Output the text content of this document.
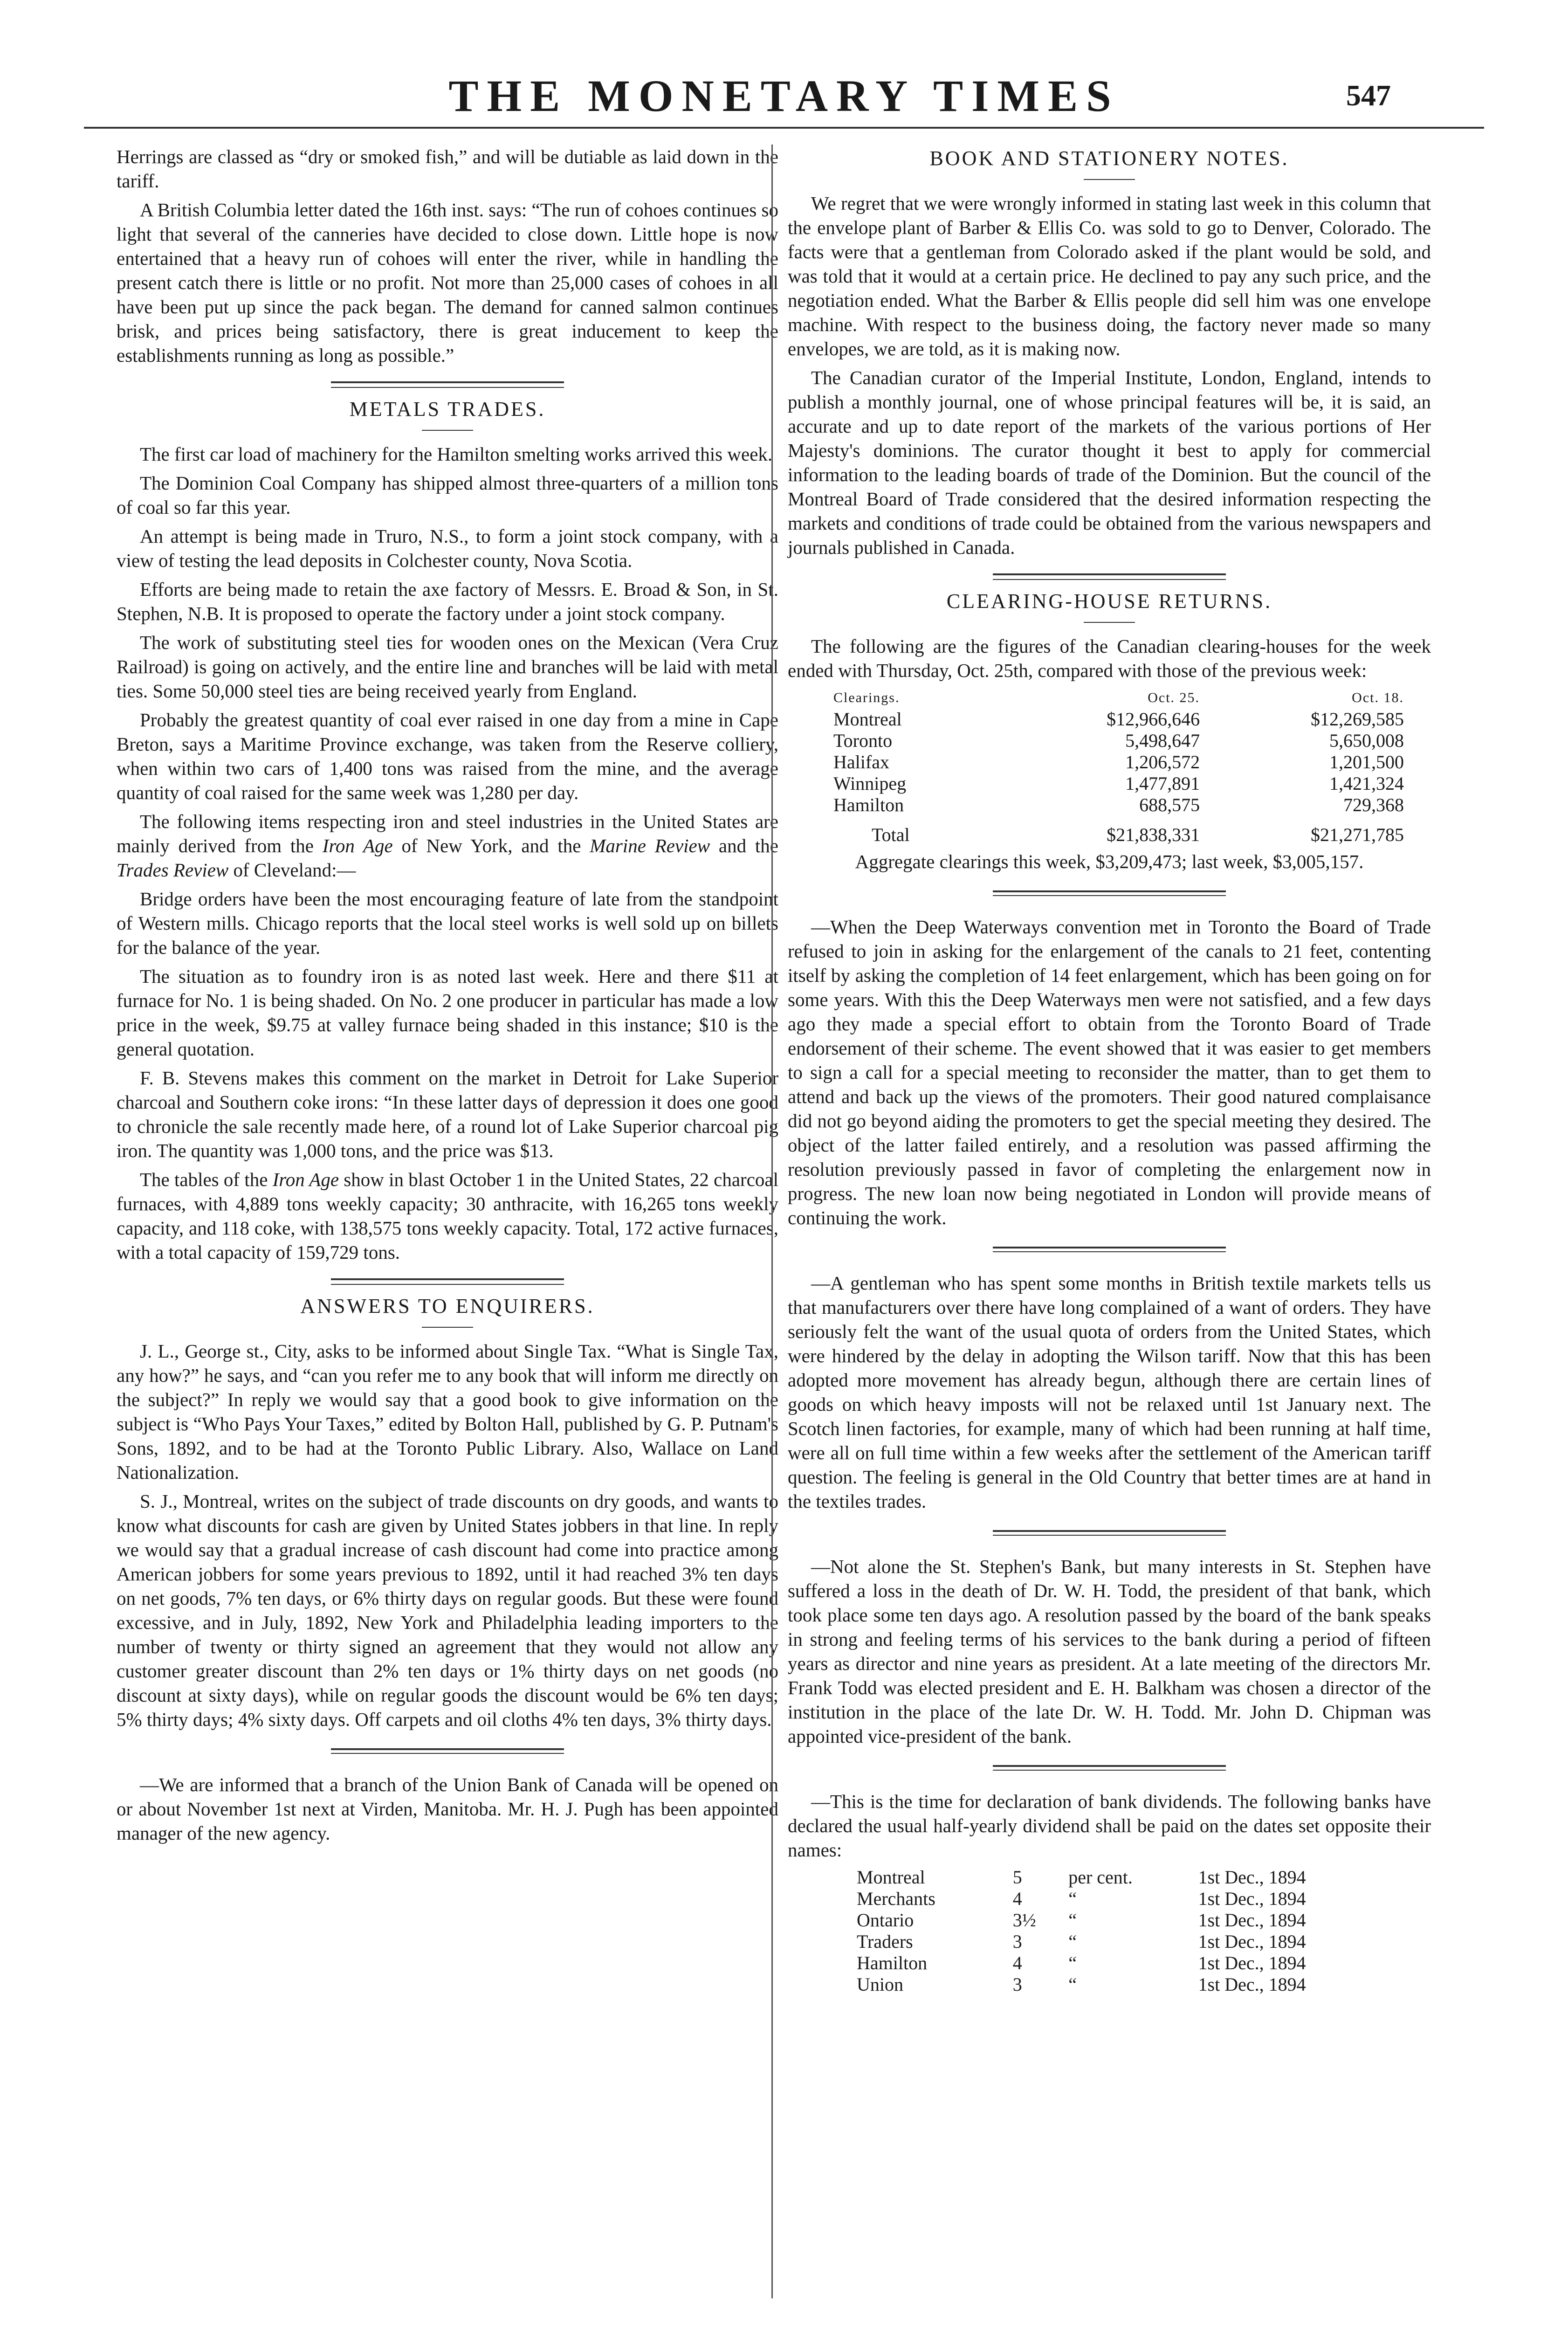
THE MONETARY TIMES	547

Herrings are classed as “dry or smoked fish,” and will be dutiable as laid down in the tariff.

A British Columbia letter dated the 16th inst. says: “The run of cohoes continues so light that several of the canneries have decided to close down. Little hope is now entertained that a heavy run of cohoes will enter the river, while in handling the present catch there is little or no profit. Not more than 25,000 cases of cohoes in all have been put up since the pack began. The demand for canned salmon continues brisk, and prices being satisfactory, there is great inducement to keep the establishments running as long as possible.”

METALS TRADES.

The first car load of machinery for the Hamilton smelting works arrived this week.

The Dominion Coal Company has shipped almost three-quarters of a million tons of coal so far this year.

An attempt is being made in Truro, N.S., to form a joint stock company, with a view of testing the lead deposits in Colchester county, Nova Scotia.

Efforts are being made to retain the axe factory of Messrs. E. Broad & Son, in St. Stephen, N.B. It is proposed to operate the factory under a joint stock company.

The work of substituting steel ties for wooden ones on the Mexican (Vera Cruz Railroad) is going on actively, and the entire line and branches will be laid with metal ties. Some 50,000 steel ties are being received yearly from England.

Probably the greatest quantity of coal ever raised in one day from a mine in Cape Breton, says a Maritime Province exchange, was taken from the Reserve colliery, when within two cars of 1,400 tons was raised from the mine, and the average quantity of coal raised for the same week was 1,280 per day.

The following items respecting iron and steel industries in the United States are mainly derived from the Iron Age of New York, and the Marine Review and the Trades Review of Cleveland:—

Bridge orders have been the most encouraging feature of late from the standpoint of Western mills. Chicago reports that the local steel works is well sold up on billets for the balance of the year.

The situation as to foundry iron is as noted last week. Here and there $11 at furnace for No. 1 is being shaded. On No. 2 one producer in particular has made a low price in the week, $9.75 at valley furnace being shaded in this instance; $10 is the general quotation.

F. B. Stevens makes this comment on the market in Detroit for Lake Superior charcoal and Southern coke irons: “In these latter days of depression it does one good to chronicle the sale recently made here, of a round lot of Lake Superior charcoal pig iron. The quantity was 1,000 tons, and the price was $13.

The tables of the Iron Age show in blast October 1 in the United States, 22 charcoal furnaces, with 4,889 tons weekly capacity; 30 anthracite, with 16,265 tons weekly capacity, and 118 coke, with 138,575 tons weekly capacity. Total, 172 active furnaces, with a total capacity of 159,729 tons.

ANSWERS TO ENQUIRERS.

J. L., George st., City, asks to be informed about Single Tax. “What is Single Tax, any how?” he says, and “can you refer me to any book that will inform me directly on the subject?” In reply we would say that a good book to give information on the subject is “Who Pays Your Taxes,” edited by Bolton Hall, published by G. P. Putnam's Sons, 1892, and to be had at the Toronto Public Library. Also, Wallace on Land Nationalization.

S. J., Montreal, writes on the subject of trade discounts on dry goods, and wants to know what discounts for cash are given by United States jobbers in that line. In reply we would say that a gradual increase of cash discount had come into practice among American jobbers for some years previous to 1892, until it had reached 3% ten days on net goods, 7% ten days, or 6% thirty days on regular goods. But these were found excessive, and in July, 1892, New York and Philadelphia leading importers to the number of twenty or thirty signed an agreement that they would not allow any customer greater discount than 2% ten days or 1% thirty days on net goods (no discount at sixty days), while on regular goods the discount would be 6% ten days; 5% thirty days; 4% sixty days. Off carpets and oil cloths 4% ten days, 3% thirty days.

—We are informed that a branch of the Union Bank of Canada will be opened on or about November 1st next at Virden, Manitoba. Mr. H. J. Pugh has been appointed manager of the new agency.

BOOK AND STATIONERY NOTES.

We regret that we were wrongly informed in stating last week in this column that the envelope plant of Barber & Ellis Co. was sold to go to Denver, Colorado. The facts were that a gentleman from Colorado asked if the plant would be sold, and was told that it would at a certain price. He declined to pay any such price, and the negotiation ended. What the Barber & Ellis people did sell him was one envelope machine. With respect to the business doing, the factory never made so many envelopes, we are told, as it is making now.

The Canadian curator of the Imperial Institute, London, England, intends to publish a monthly journal, one of whose principal features will be, it is said, an accurate and up to date report of the markets of the various portions of Her Majesty's dominions. The curator thought it best to apply for commercial information to the leading boards of trade of the Dominion. But the council of the Montreal Board of Trade considered that the desired information respecting the markets and conditions of trade could be obtained from the various newspapers and journals published in Canada.

CLEARING-HOUSE RETURNS.

The following are the figures of the Canadian clearing-houses for the week ended with Thursday, Oct. 25th, compared with those of the previous week:

Clearings.	Oct. 25.	Oct. 18.
Montreal	$12,966,646	$12,269,585
Toronto	5,498,647	5,650,008
Halifax	1,206,572	1,201,500
Winnipeg	1,477,891	1,421,324
Hamilton	688,575	729,368
Total	$21,838,331	$21,271,785

Aggregate clearings this week, $3,209,473; last week, $3,005,157.

—When the Deep Waterways convention met in Toronto the Board of Trade refused to join in asking for the enlargement of the canals to 21 feet, contenting itself by asking the completion of 14 feet enlargement, which has been going on for some years. With this the Deep Waterways men were not satisfied, and a few days ago they made a special effort to obtain from the Toronto Board of Trade endorsement of their scheme. The event showed that it was easier to get members to sign a call for a special meeting to reconsider the matter, than to get them to attend and back up the views of the promoters. Their good natured complaisance did not go beyond aiding the promoters to get the special meeting they desired. The object of the latter failed entirely, and a resolution was passed affirming the resolution previously passed in favor of completing the enlargement now in progress. The new loan now being negotiated in London will provide means of continuing the work.

—A gentleman who has spent some months in British textile markets tells us that manufacturers over there have long complained of a want of orders. They have seriously felt the want of the usual quota of orders from the United States, which were hindered by the delay in adopting the Wilson tariff. Now that this has been adopted more movement has already begun, although there are certain lines of goods on which heavy imposts will not be relaxed until 1st January next. The Scotch linen factories, for example, many of which had been running at half time, were all on full time within a few weeks after the settlement of the American tariff question. The feeling is general in the Old Country that better times are at hand in the textiles trades.

—Not alone the St. Stephen's Bank, but many interests in St. Stephen have suffered a loss in the death of Dr. W. H. Todd, the president of that bank, which took place some ten days ago. A resolution passed by the board of the bank speaks in strong and feeling terms of his services to the bank during a period of fifteen years as director and nine years as president. At a late meeting of the directors Mr. Frank Todd was elected president and E. H. Balkham was chosen a director of the institution in the place of the late Dr. W. H. Todd. Mr. John D. Chipman was appointed vice-president of the bank.

—This is the time for declaration of bank dividends. The following banks have declared the usual half-yearly dividend shall be paid on the dates set opposite their names:

Montreal	5	per cent.	1st Dec., 1894
Merchants	4	“	1st Dec., 1894
Ontario	3½	“	1st Dec., 1894
Traders	3	“	1st Dec., 1894
Hamilton	4	“	1st Dec., 1894
Union	3	“	1st Dec., 1894
